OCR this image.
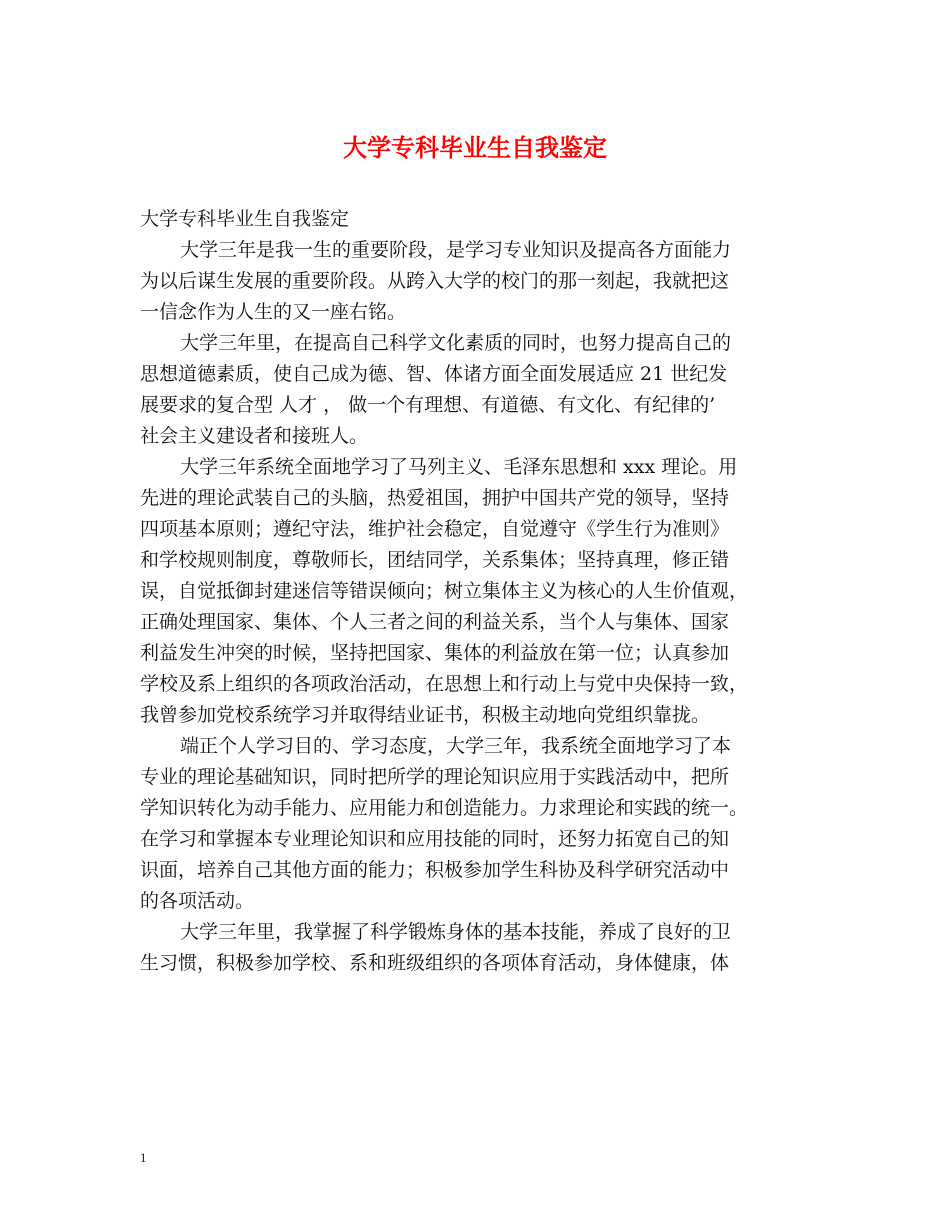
大学专科毕业生自我鉴定

大学专科毕业生自我鉴定

大学三年是我一生的重要阶段，是学习专业知识及提高各方面能力
为以后谋生发展的重要阶段。从跨入大学的校门的那一刻起，我就把这
一信念作为人生的又一座右铭。

大学三年里，在提高自己科学文化素质的同时，也努力提高自己的
思想道德素质，使自己成为德、智、体诸方面全面发展适应 21 世纪发
展要求的复合型 人才 ， 做一个有理想、有道德、有文化、有纪律的’
社会主义建设者和接班人。

大学三年系统全面地学习了马列主义、毛泽东思想和 xxx 理论。用
先进的理论武装自己的头脑，热爱祖国，拥护中国共产党的领导，坚持
四项基本原则；遵纪守法，维护社会稳定，自觉遵守《学生行为准则》
和学校规则制度，尊敬师长，团结同学，关系集体；坚持真理，修正错
误，自觉抵御封建迷信等错误倾向；树立集体主义为核心的人生价值观，
正确处理国家、集体、个人三者之间的利益关系，当个人与集体、国家
利益发生冲突的时候，坚持把国家、集体的利益放在第一位；认真参加
学校及系上组织的各项政治活动，在思想上和行动上与党中央保持一致，
我曾参加党校系统学习并取得结业证书，积极主动地向党组织靠拢。

端正个人学习目的、学习态度，大学三年，我系统全面地学习了本
专业的理论基础知识，同时把所学的理论知识应用于实践活动中，把所
学知识转化为动手能力、应用能力和创造能力。力求理论和实践的统一。
在学习和掌握本专业理论知识和应用技能的同时，还努力拓宽自己的知
识面，培养自己其他方面的能力；积极参加学生科协及科学研究活动中
的各项活动。

大学三年里，我掌握了科学锻炼身体的基本技能，养成了良好的卫
生习惯，积极参加学校、系和班级组织的各项体育活动，身体健康，体

1
